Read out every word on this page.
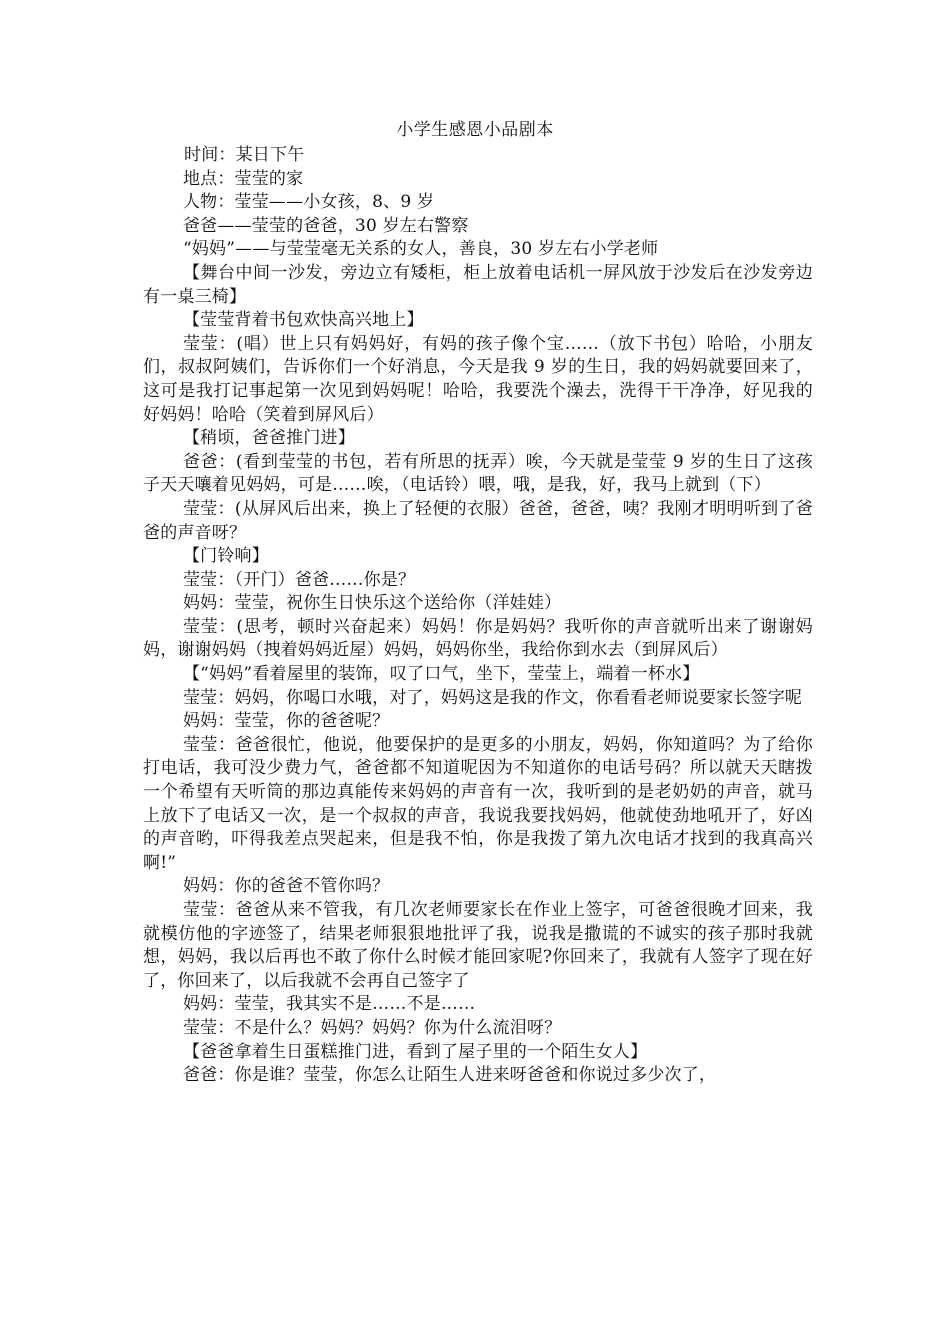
小学生感恩小品剧本

时间：某日下午

地点：莹莹的家

人物：莹莹——小女孩，8、9 岁

爸爸——莹莹的爸爸，30 岁左右警察

“妈妈”——与莹莹毫无关系的女人，善良，30 岁左右小学老师

【舞台中间一沙发，旁边立有矮柜，柜上放着电话机一屏风放于沙发后在沙发旁边有一桌三椅】

【莹莹背着书包欢快高兴地上】

莹莹：(唱）世上只有妈妈好，有妈的孩子像个宝……（放下书包）哈哈，小朋友们，叔叔阿姨们，告诉你们一个好消息，今天是我 9 岁的生日，我的妈妈就要回来了，这可是我打记事起第一次见到妈妈呢！哈哈，我要洗个澡去，洗得干干净净，好见我的好妈妈！哈哈（笑着到屏风后）

【稍顷，爸爸推门进】

爸爸：(看到莹莹的书包，若有所思的抚弄）唉，今天就是莹莹 9 岁的生日了这孩子天天嚷着见妈妈，可是……唉，（电话铃）喂，哦，是我，好，我马上就到（下）

莹莹：(从屏风后出来，换上了轻便的衣服）爸爸，爸爸，咦？我刚才明明听到了爸爸的声音呀？

【门铃响】

莹莹：（开门）爸爸……你是？

妈妈：莹莹，祝你生日快乐这个送给你（洋娃娃）

莹莹：(思考，顿时兴奋起来）妈妈！你是妈妈？我听你的声音就听出来了谢谢妈妈，谢谢妈妈（拽着妈妈近屋）妈妈，妈妈你坐，我给你到水去（到屏风后）

【“妈妈”看着屋里的装饰，叹了口气，坐下，莹莹上，端着一杯水】

莹莹：妈妈，你喝口水哦，对了，妈妈这是我的作文，你看看老师说要家长签字呢

妈妈：莹莹，你的爸爸呢？

莹莹：爸爸很忙，他说，他要保护的是更多的小朋友，妈妈，你知道吗？为了给你打电话，我可没少费力气，爸爸都不知道呢因为不知道你的电话号码？所以就天天瞎拨一个希望有天听筒的那边真能传来妈妈的声音有一次，我听到的是老奶奶的声音，就马上放下了电话又一次，是一个叔叔的声音，我说我要找妈妈，他就使劲地吼开了，好凶的声音哟，吓得我差点哭起来，但是我不怕，你是我拨了第九次电话才找到的我真高兴啊!”

妈妈：你的爸爸不管你吗？

莹莹：爸爸从来不管我，有几次老师要家长在作业上签字，可爸爸很晚才回来，我就模仿他的字迹签了，结果老师狠狠地批评了我，说我是撒谎的不诚实的孩子那时我就想，妈妈，我以后再也不敢了你什么时候才能回家呢?你回来了，我就有人签字了现在好了，你回来了，以后我就不会再自己签字了

妈妈：莹莹，我其实不是……不是……

莹莹：不是什么？妈妈？妈妈？你为什么流泪呀？

【爸爸拿着生日蛋糕推门进，看到了屋子里的一个陌生女人】

爸爸：你是谁？莹莹，你怎么让陌生人进来呀爸爸和你说过多少次了，
